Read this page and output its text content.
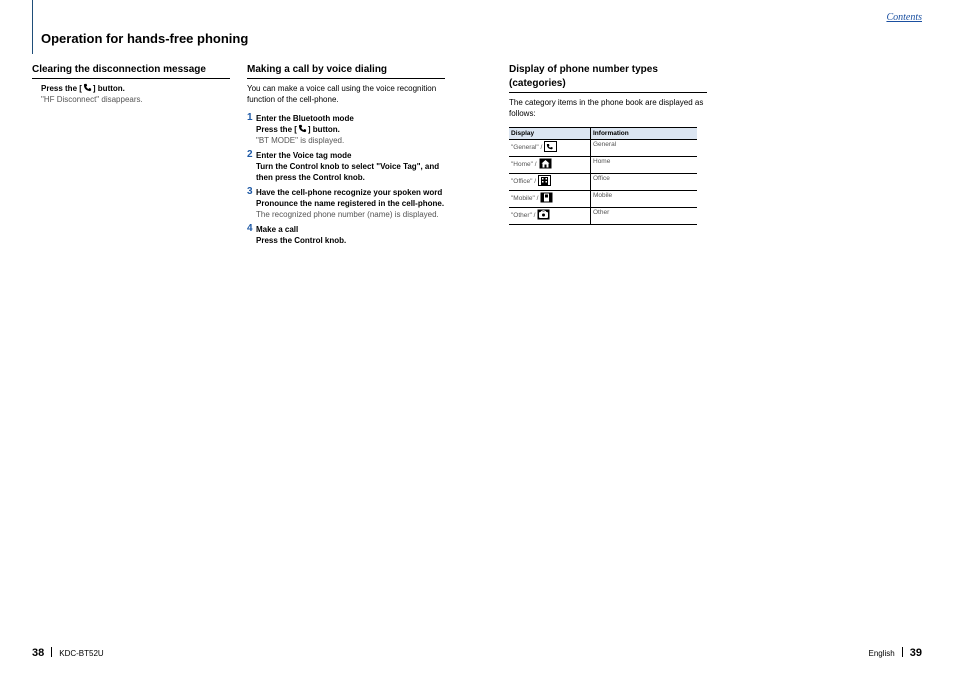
Contents
Operation for hands-free phoning
Clearing the disconnection message

Press the [ ] button.

"HF Disconnect" disappears.

Making a call by voice dialing

You can make a voice call using the voice recognition function of the cell-phone.

1 Enter the Bluetooth mode

Press the [ ] button.

"BT MODE" is displayed.

2 Enter the Voice tag mode

Turn the Control knob to select "Voice Tag", and then press the Control knob.

3 Have the cell-phone recognize your spoken word

Pronounce the name registered in the cell-phone.

The recognized phone number (name) is displayed.

4 Make a call

Press the Control knob.

Display of phone number types (categories)

The category items in the phone book are displayed as follows:

Display	Information
"General" /	General
"Home" /	Home
"Office" /	Office
"Mobile" /	Mobile
"Other" /	Other
38 KDC-BT52U	English 39
